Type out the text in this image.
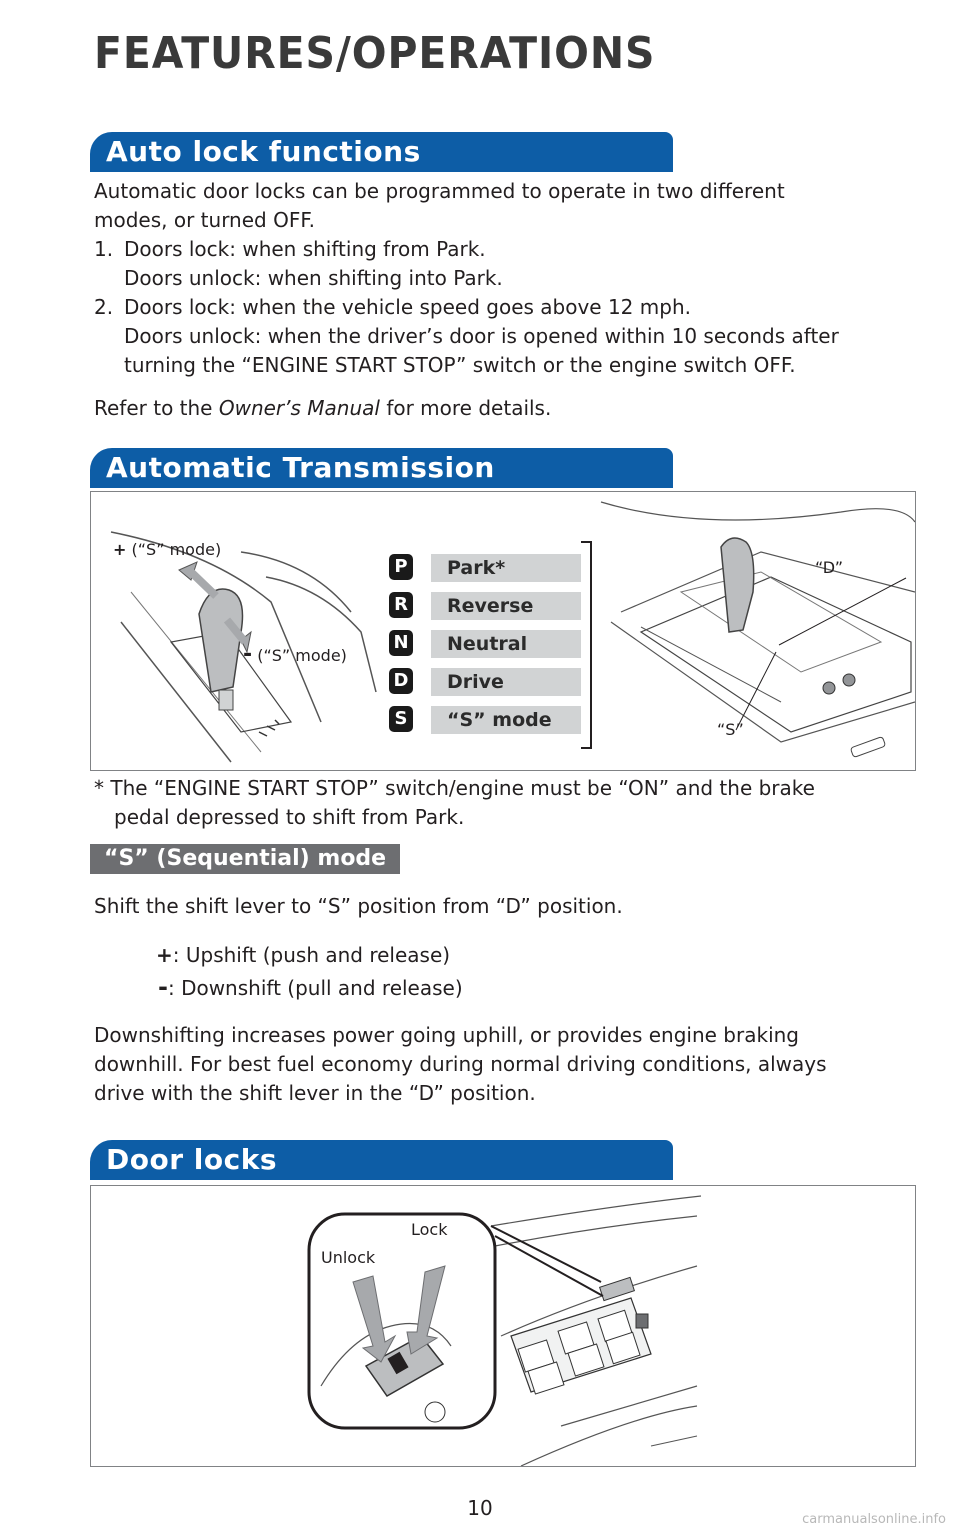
FEATURES/OPERATIONS
Auto lock functions
Automatic door locks can be programmed to operate in two different
modes, or turned OFF.
1. Doors lock: when shifting from Park.
Doors unlock: when shifting into Park.
2. Doors lock: when the vehicle speed goes above 12 mph.
Doors unlock: when the driver’s door is opened within 10 seconds after
turning the “ENGINE START STOP” switch or the engine switch OFF.
Refer to the Owner’s Manual for more details.
Automatic Transmission
+ (“S” mode)
- (“S” mode)
P	Park*
R	Reverse
N	Neutral
D	Drive
S	“S” mode
“D”
“S”
* The “ENGINE START STOP” switch/engine must be “ON” and the brake
pedal depressed to shift from Park.
“S” (Sequential) mode
Shift the shift lever to “S” position from “D” position.
+: Upshift (push and release)
-: Downshift (pull and release)
Downshifting increases power going uphill, or provides engine braking
downhill. For best fuel economy during normal driving conditions, always
drive with the shift lever in the “D” position.
Door locks
Lock
Unlock
10	carmanualsonline.info
